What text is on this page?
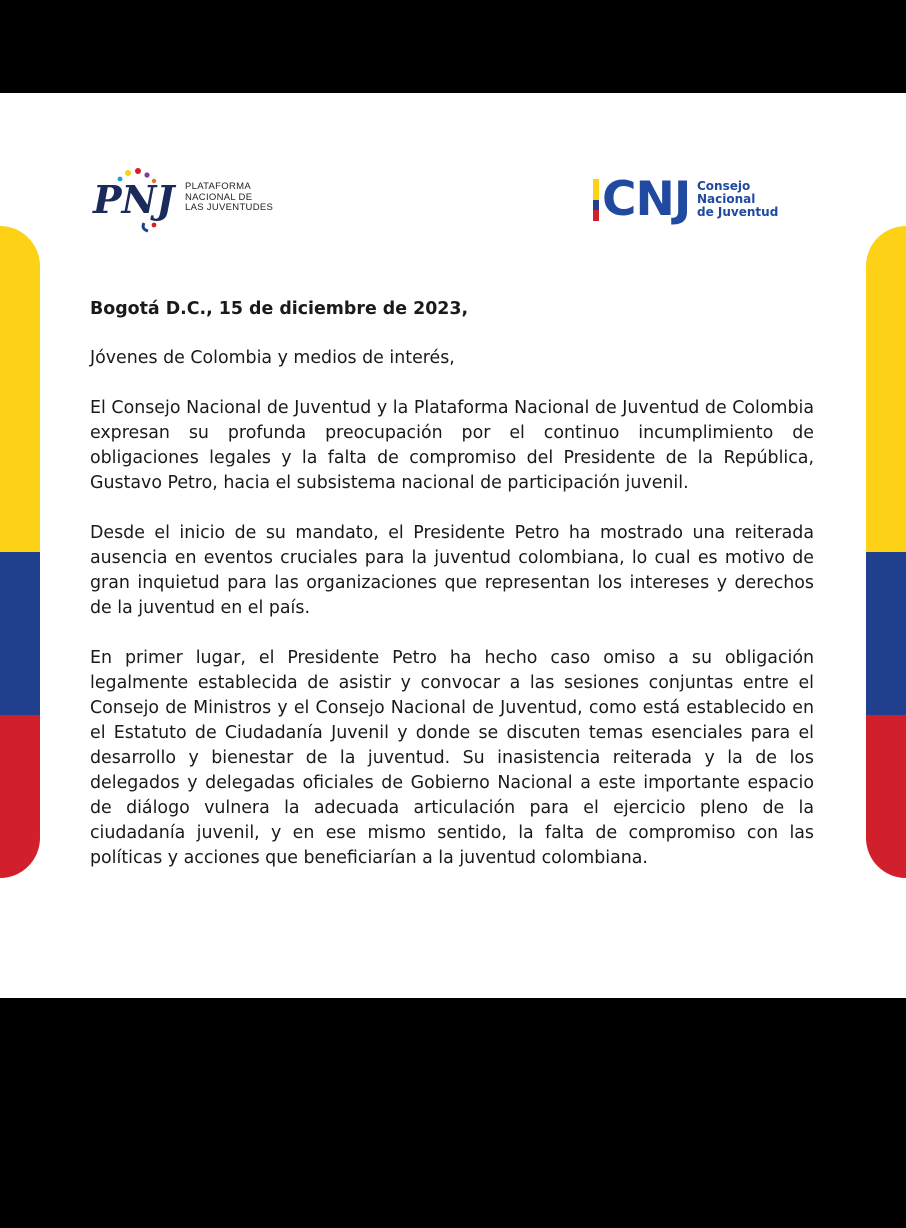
PNJ	PLATAFORMA
NACIONAL DE
LAS JUVENTUDES	CNJ Consejo
Nacional
de Juventud

Bogotá D.C., 15 de diciembre de 2023,

Jóvenes de Colombia y medios de interés,

El Consejo Nacional de Juventud y la Plataforma Nacional de Juventud de Colombia expresan su profunda preocupación por el continuo incumplimiento de obligaciones legales y la falta de compromiso del Presidente de la República, Gustavo Petro, hacia el subsistema nacional de participación juvenil.

Desde el inicio de su mandato, el Presidente Petro ha mostrado una reiterada ausencia en eventos cruciales para la juventud colombiana, lo cual es motivo de gran inquietud para las organizaciones que representan los intereses y derechos de la juventud en el país.

En primer lugar, el Presidente Petro ha hecho caso omiso a su obligación legalmente establecida de asistir y convocar a las sesiones conjuntas entre el Consejo de Ministros y el Consejo Nacional de Juventud, como está establecido en el Estatuto de Ciudadanía Juvenil y donde se discuten temas esenciales para el desarrollo y bienestar de la juventud. Su inasistencia reiterada y la de los delegados y delegadas oficiales de Gobierno Nacional a este importante espacio de diálogo vulnera la adecuada articulación para el ejercicio pleno de la ciudadanía juvenil, y en ese mismo sentido, la falta de compromiso con las políticas y acciones que beneficiarían a la juventud colombiana.
